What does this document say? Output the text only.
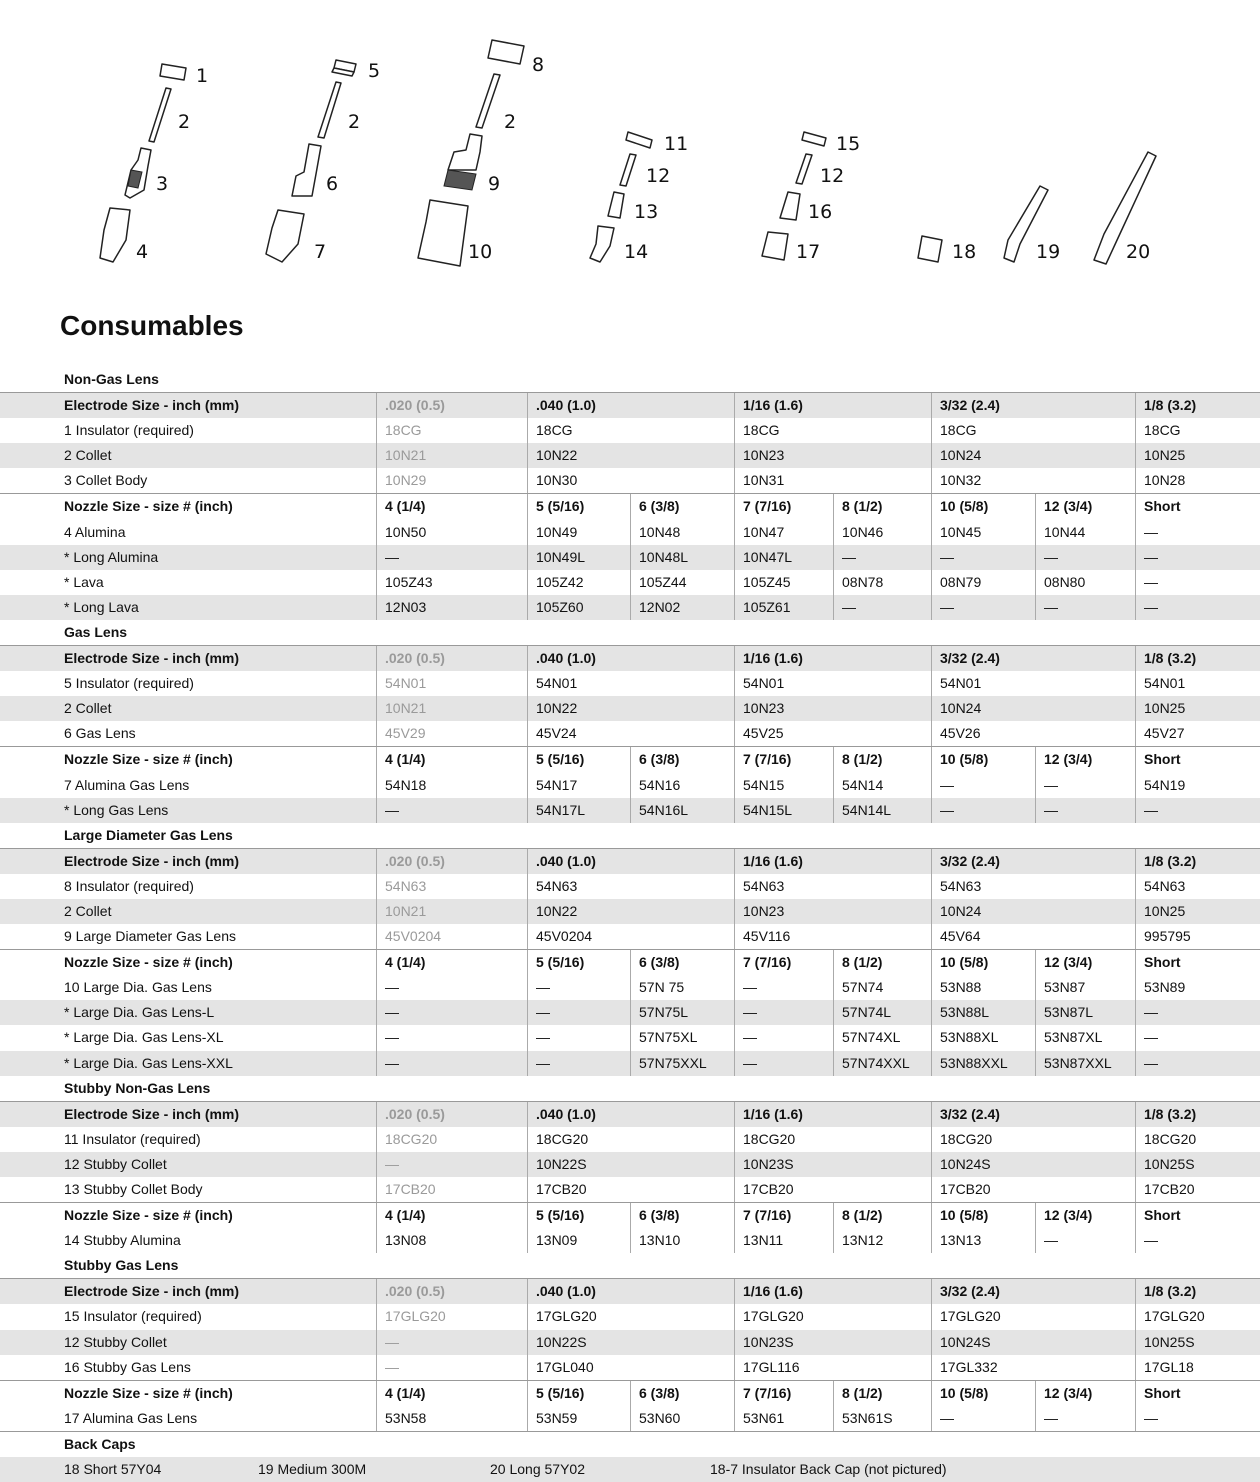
1
2
3
4
5
2
6
7
8
2
9
10
11
12
13
14
15
12
16
17	18	19	20
Consumables
Non-Gas Lens
Electrode Size - inch (mm)	.020 (0.5)	.040 (1.0)	1/16 (1.6)	3/32 (2.4)	1/8 (3.2)
1 Insulator (required)	18CG	18CG	18CG	18CG	18CG
2 Collet	10N21	10N22	10N23	10N24	10N25
3 Collet Body	10N29	10N30	10N31	10N32	10N28
Nozzle Size - size # (inch)	4 (1/4)	5 (5/16)	6 (3/8)	7 (7/16)	8 (1/2)	10 (5/8)	12 (3/4)	Short
4 Alumina	10N50	10N49	10N48	10N47	10N46	10N45	10N44	—
* Long Alumina	—	10N49L	10N48L	10N47L	—	—	—	—
* Lava	105Z43	105Z42	105Z44	105Z45	08N78	08N79	08N80	—
* Long Lava	12N03	105Z60	12N02	105Z61	—	—	—	—
Gas Lens
Electrode Size - inch (mm)	.020 (0.5)	.040 (1.0)	1/16 (1.6)	3/32 (2.4)	1/8 (3.2)
5 Insulator (required)	54N01	54N01	54N01	54N01	54N01
2 Collet	10N21	10N22	10N23	10N24	10N25
6 Gas Lens	45V29	45V24	45V25	45V26	45V27
Nozzle Size - size # (inch)	4 (1/4)	5 (5/16)	6 (3/8)	7 (7/16)	8 (1/2)	10 (5/8)	12 (3/4)	Short
7 Alumina Gas Lens	54N18	54N17	54N16	54N15	54N14	—	—	54N19
* Long Gas Lens	—	54N17L	54N16L	54N15L	54N14L	—	—	—
Large Diameter Gas Lens
Electrode Size - inch (mm)	.020 (0.5)	.040 (1.0)	1/16 (1.6)	3/32 (2.4)	1/8 (3.2)
8 Insulator (required)	54N63	54N63	54N63	54N63	54N63
2 Collet	10N21	10N22	10N23	10N24	10N25
9 Large Diameter Gas Lens	45V0204	45V0204	45V116	45V64	995795
Nozzle Size - size # (inch)	4 (1/4)	5 (5/16)	6 (3/8)	7 (7/16)	8 (1/2)	10 (5/8)	12 (3/4)	Short
10 Large Dia. Gas Lens	—	—	57N 75	—	57N74	53N88	53N87	53N89
* Large Dia. Gas Lens-L	—	—	57N75L	—	57N74L	53N88L	53N87L	—
* Large Dia. Gas Lens-XL	—	—	57N75XL	—	57N74XL	53N88XL	53N87XL	—
* Large Dia. Gas Lens-XXL	—	—	57N75XXL	—	57N74XXL	53N88XXL	53N87XXL	—
Stubby Non-Gas Lens
Electrode Size - inch (mm)	.020 (0.5)	.040 (1.0)	1/16 (1.6)	3/32 (2.4)	1/8 (3.2)
11 Insulator (required)	18CG20	18CG20	18CG20	18CG20	18CG20
12 Stubby Collet	—	10N22S	10N23S	10N24S	10N25S
13 Stubby Collet Body	17CB20	17CB20	17CB20	17CB20	17CB20
Nozzle Size - size # (inch)	4 (1/4)	5 (5/16)	6 (3/8)	7 (7/16)	8 (1/2)	10 (5/8)	12 (3/4)	Short
14 Stubby Alumina	13N08	13N09	13N10	13N11	13N12	13N13	—	—
Stubby Gas Lens
Electrode Size - inch (mm)	.020 (0.5)	.040 (1.0)	1/16 (1.6)	3/32 (2.4)	1/8 (3.2)
15 Insulator (required)	17GLG20	17GLG20	17GLG20	17GLG20	17GLG20
12 Stubby Collet	—	10N22S	10N23S	10N24S	10N25S
16 Stubby Gas Lens	—	17GL040	17GL116	17GL332	17GL18
Nozzle Size - size # (inch)	4 (1/4)	5 (5/16)	6 (3/8)	7 (7/16)	8 (1/2)	10 (5/8)	12 (3/4)	Short
17 Alumina Gas Lens	53N58	53N59	53N60	53N61	53N61S	—	—	—
Back Caps
18 Short 57Y04	19 Medium 300M	20 Long 57Y02	18-7 Insulator Back Cap (not pictured)
